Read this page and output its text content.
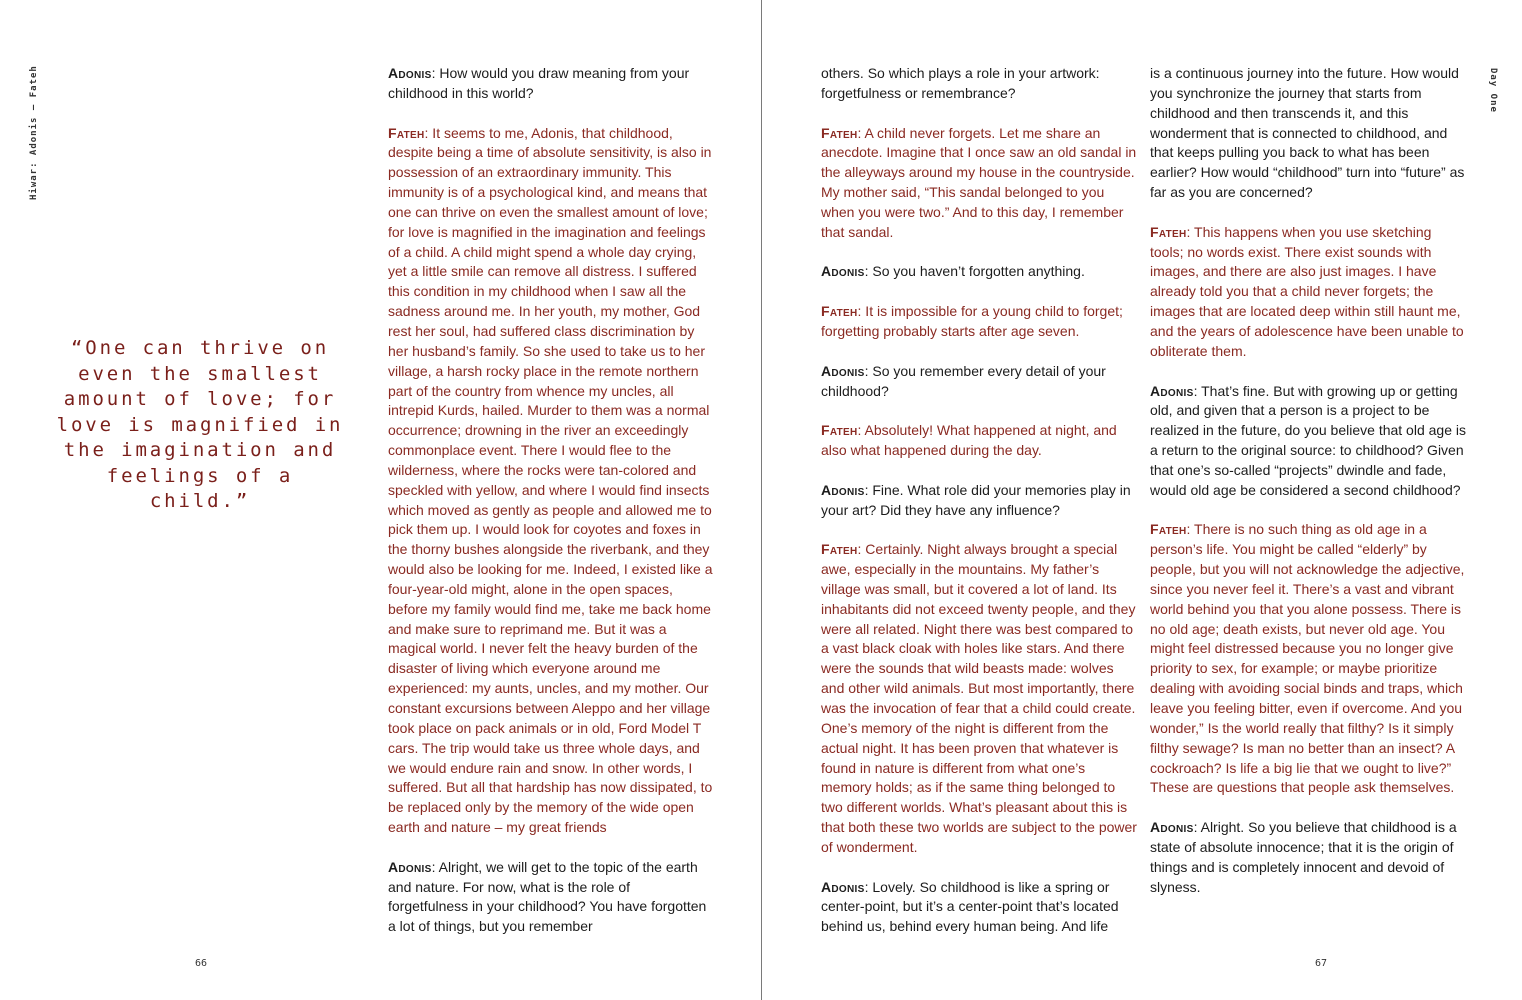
Hiwar: Adonis – Fateh	Day One
“One can thrive on even the smallest amount of love; for love is magnified in the imagination and feelings of a child.”

Adonis: How would you draw meaning from your childhood in this world?

Fateh: It seems to me, Adonis, that childhood, despite being a time of absolute sensitivity, is also in possession of an extraordinary immunity. This immunity is of a psychological kind, and means that one can thrive on even the smallest amount of love; for love is magnified in the imagination and feelings of a child. A child might spend a whole day crying, yet a little smile can remove all distress. I suffered this condition in my childhood when I saw all the sadness around me. In her youth, my mother, God rest her soul, had suffered class discrimination by her husband’s family. So she used to take us to her village, a harsh rocky place in the remote northern part of the country from whence my uncles, all intrepid Kurds, hailed. Murder to them was a normal occurrence; drowning in the river an exceedingly commonplace event. There I would flee to the wilderness, where the rocks were tan-colored and speckled with yellow, and where I would find insects which moved as gently as people and allowed me to pick them up. I would look for coyotes and foxes in the thorny bushes alongside the riverbank, and they would also be looking for me. Indeed, I existed like a four-year-old might, alone in the open spaces, before my family would find me, take me back home and make sure to reprimand me. But it was a magical world. I never felt the heavy burden of the disaster of living which everyone around me experienced: my aunts, uncles, and my mother. Our constant excursions between Aleppo and her village took place on pack animals or in old, Ford Model T cars. The trip would take us three whole days, and we would endure rain and snow. In other words, I suffered. But all that hardship has now dissipated, to be replaced only by the memory of the wide open earth and nature – my great friends

Adonis: Alright, we will get to the topic of the earth and nature. For now, what is the role of forgetfulness in your childhood? You have forgotten a lot of things, but you remember

others. So which plays a role in your artwork: forgetfulness or remembrance?

Fateh: A child never forgets. Let me share an anecdote. Imagine that I once saw an old sandal in the alleyways around my house in the countryside. My mother said, “This sandal belonged to you when you were two.” And to this day, I remember that sandal.

Adonis: So you haven’t forgotten anything.

Fateh: It is impossible for a young child to forget; forgetting probably starts after age seven.

Adonis: So you remember every detail of your childhood?

Fateh: Absolutely! What happened at night, and also what happened during the day.

Adonis: Fine. What role did your memories play in your art? Did they have any influence?

Fateh: Certainly. Night always brought a special awe, especially in the mountains. My father’s village was small, but it covered a lot of land. Its inhabitants did not exceed twenty people, and they were all related. Night there was best compared to a vast black cloak with holes like stars. And there were the sounds that wild beasts made: wolves and other wild animals. But most importantly, there was the invocation of fear that a child could create. One’s memory of the night is different from the actual night. It has been proven that whatever is found in nature is different from what one’s memory holds; as if the same thing belonged to two different worlds. What’s pleasant about this is that both these two worlds are subject to the power of wonderment.

Adonis: Lovely. So childhood is like a spring or center-point, but it’s a center-point that’s located behind us, behind every human being. And life

is a continuous journey into the future. How would you synchronize the journey that starts from childhood and then transcends it, and this wonderment that is connected to childhood, and that keeps pulling you back to what has been earlier? How would “childhood” turn into “future” as far as you are concerned?

Fateh: This happens when you use sketching tools; no words exist. There exist sounds with images, and there are also just images. I have already told you that a child never forgets; the images that are located deep within still haunt me, and the years of adolescence have been unable to obliterate them.

Adonis: That’s fine. But with growing up or getting old, and given that a person is a project to be realized in the future, do you believe that old age is a return to the original source: to childhood? Given that one’s so-called “projects” dwindle and fade, would old age be considered a second childhood?

Fateh: There is no such thing as old age in a person’s life. You might be called “elderly” by people, but you will not acknowledge the adjective, since you never feel it. There’s a vast and vibrant world behind you that you alone possess. There is no old age; death exists, but never old age. You might feel distressed because you no longer give priority to sex, for example; or maybe prioritize dealing with avoiding social binds and traps, which leave you feeling bitter, even if overcome. And you wonder,” Is the world really that filthy? Is it simply filthy sewage? Is man no better than an insect? A cockroach? Is life a big lie that we ought to live?” These are questions that people ask themselves.

Adonis: Alright. So you believe that childhood is a state of absolute innocence; that it is the origin of things and is completely innocent and devoid of slyness.

66	67
